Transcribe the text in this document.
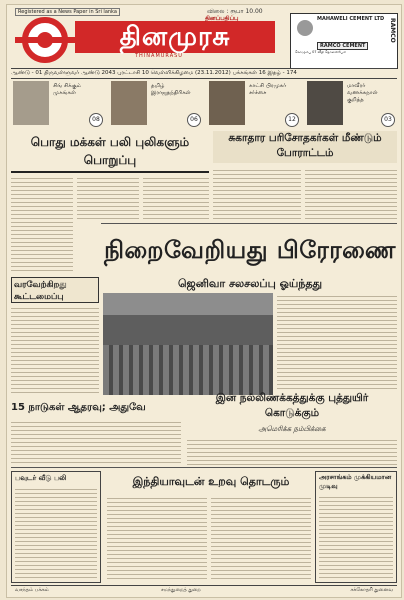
Registered as a News Paper in Sri lanka	விலை : ரூபா 10.00
தினமுரசு
தினப்பதிப்பு
THINAMURASU
MAHAWELI CEMENT LTD
RAMCO CEMENT
RAMCO
கொழும்பு 07 வீதி தொலைபேசி
ஆண்டு - 01 திருவள்ளுவர் ஆண்டு 2043 புரட்டாசி 10 வெள்ளிக்கிழமை (23.11.2012) பக்கங்கள் 16 இதழ் - 174
சிங் சிக்கும் முகங்கள்
08
தமிழ் இராஜதந்திரிகள்
06
காட்சி பிரமுகர் சர்ச்சை
12
மாவீரர் வணக்கநாள் குறித்த
03
பொது மக்கள் பலி புலிகளும் பொறுப்பு
சுகாதார பரிசோதகர்கள் மீண்டும் போராட்டம்
நிறைவேறியது பிரேரணை
ஜெனிவா சலசலப்பு ஓய்ந்தது
வரவேற்கிறது கூட்டமைப்பு
15 நாடுகள் ஆதரவு; அதுவே
இன நல்லிணக்கத்துக்கு புத்துயிர் கொடுக்கும்
அமெரிக்க நம்பிக்கை
பவுடர் வீடு பலி	இந்தியாவுடன் உறவு தொடரும்	அரசாங்கம் முக்கியமான முடிவு
வசந்தம் பக்கம்	சமந்துறைத் துறை	சக்கோதரி துனைவ
